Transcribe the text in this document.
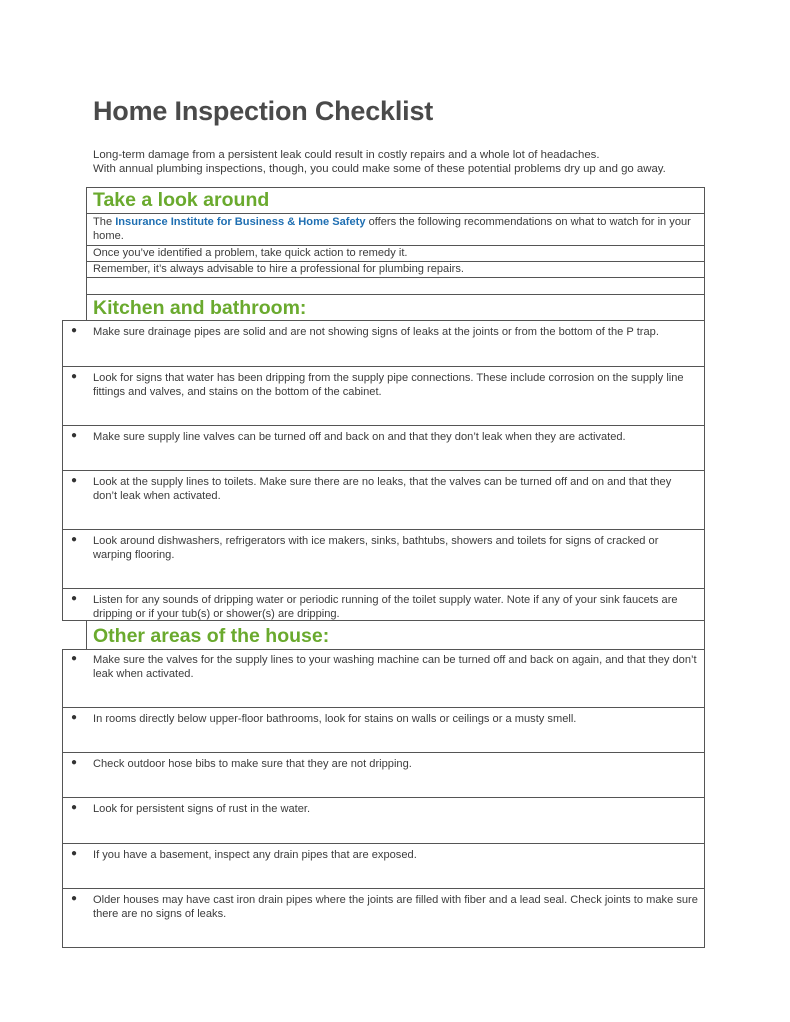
Home Inspection Checklist
Long-term damage from a persistent leak could result in costly repairs and a whole lot of headaches.
With annual plumbing inspections, though, you could make some of these potential problems dry up and go away.
Take a look around
The Insurance Institute for Business & Home Safety offers the following recommendations on what to watch for in your home.
Once you’ve identified a problem, take quick action to remedy it.
Remember, it’s always advisable to hire a professional for plumbing repairs.
Kitchen and bathroom:
● Make sure drainage pipes are solid and are not showing signs of leaks at the joints or from the bottom of the P trap.
● Look for signs that water has been dripping from the supply pipe connections. These include corrosion on the supply line fittings and valves, and stains on the bottom of the cabinet.
● Make sure supply line valves can be turned off and back on and that they don’t leak when they are activated.
● Look at the supply lines to toilets. Make sure there are no leaks, that the valves can be turned off and on and that they don’t leak when activated.
● Look around dishwashers, refrigerators with ice makers, sinks, bathtubs, showers and toilets for signs of cracked or warping flooring.
● Listen for any sounds of dripping water or periodic running of the toilet supply water. Note if any of your sink faucets are dripping or if your tub(s) or shower(s) are dripping.
Other areas of the house:
● Make sure the valves for the supply lines to your washing machine can be turned off and back on again, and that they don’t leak when activated.
● In rooms directly below upper-floor bathrooms, look for stains on walls or ceilings or a musty smell.
● Check outdoor hose bibs to make sure that they are not dripping.
● Look for persistent signs of rust in the water.
● If you have a basement, inspect any drain pipes that are exposed.
● Older houses may have cast iron drain pipes where the joints are filled with fiber and a lead seal. Check joints to make sure there are no signs of leaks.
